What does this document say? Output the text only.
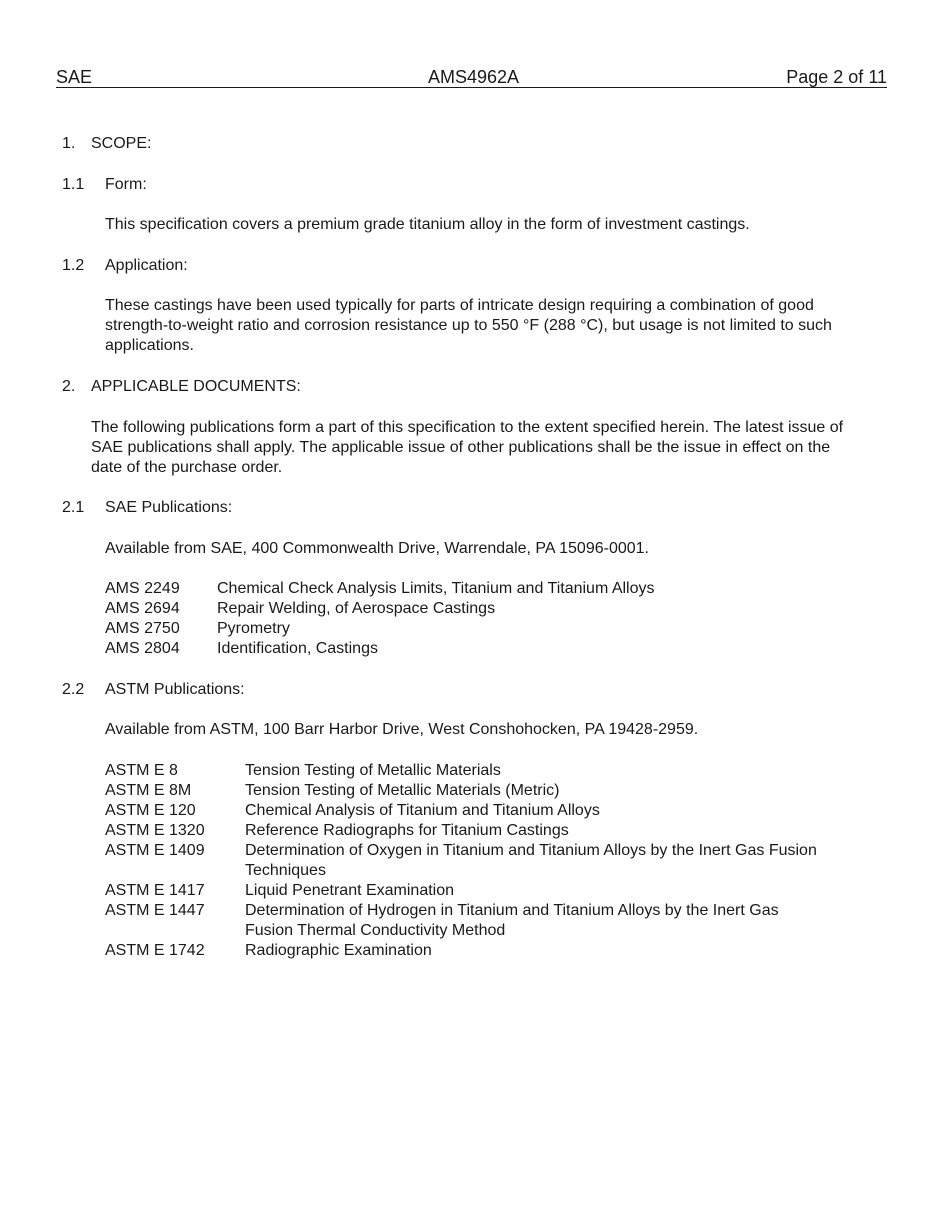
SAE	AMS4962A	Page 2 of 11
1. SCOPE:
1.1 Form:
This specification covers a premium grade titanium alloy in the form of investment castings.
1.2 Application:
These castings have been used typically for parts of intricate design requiring a combination of good strength-to-weight ratio and corrosion resistance up to 550 °F (288 °C), but usage is not limited to such applications.
2. APPLICABLE DOCUMENTS:
The following publications form a part of this specification to the extent specified herein. The latest issue of SAE publications shall apply. The applicable issue of other publications shall be the issue in effect on the date of the purchase order.
2.1 SAE Publications:
Available from SAE, 400 Commonwealth Drive, Warrendale, PA 15096-0001.
AMS 2249 Chemical Check Analysis Limits, Titanium and Titanium Alloys
AMS 2694 Repair Welding, of Aerospace Castings
AMS 2750 Pyrometry
AMS 2804 Identification, Castings
2.2 ASTM Publications:
Available from ASTM, 100 Barr Harbor Drive, West Conshohocken, PA 19428-2959.
ASTM E 8	Tension Testing of Metallic Materials
ASTM E 8M	Tension Testing of Metallic Materials (Metric)
ASTM E 120	Chemical Analysis of Titanium and Titanium Alloys
ASTM E 1320	Reference Radiographs for Titanium Castings
ASTM E 1409	Determination of Oxygen in Titanium and Titanium Alloys by the Inert Gas Fusion Techniques
ASTM E 1417	Liquid Penetrant Examination
ASTM E 1447	Determination of Hydrogen in Titanium and Titanium Alloys by the Inert Gas Fusion Thermal Conductivity Method
ASTM E 1742	Radiographic Examination
